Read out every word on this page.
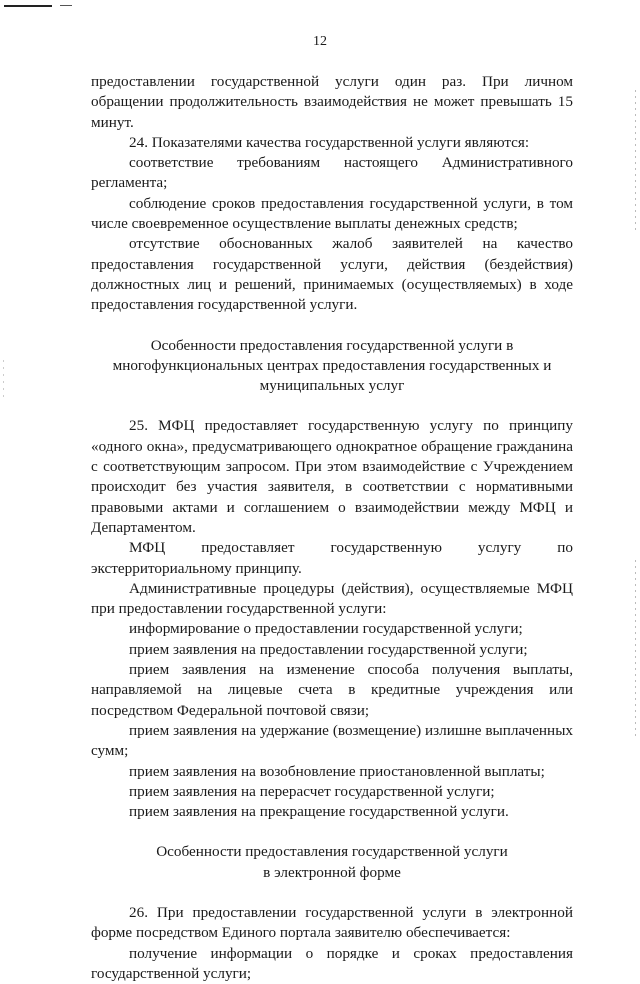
12

предоставлении государственной услуги один раз. При личном обращении продолжительность взаимодействия не может превышать 15 минут.

24. Показателями качества государственной услуги являются:

соответствие требованиям настоящего Административного регламента;

соблюдение сроков предоставления государственной услуги, в том числе своевременное осуществление выплаты денежных средств;

отсутствие обоснованных жалоб заявителей на качество предоставления государственной услуги, действия (бездействия) должностных лиц и решений, принимаемых (осуществляемых) в ходе предоставления государственной услуги.

Особенности предоставления государственной услуги в
многофункциональных центрах предоставления государственных и
муниципальных услуг

25. МФЦ предоставляет государственную услугу по принципу «одного окна», предусматривающего однократное обращение гражданина с соответствующим запросом. При этом взаимодействие с Учреждением происходит без участия заявителя, в соответствии с нормативными правовыми актами и соглашением о взаимодействии между МФЦ и Департаментом.

МФЦ предоставляет государственную услугу по экстерриториальному принципу.

Административные процедуры (действия), осуществляемые МФЦ при предоставлении государственной услуги:

информирование о предоставлении государственной услуги;

прием заявления на предоставлении государственной услуги;

прием заявления на изменение способа получения выплаты, направляемой на лицевые счета в кредитные учреждения или посредством Федеральной почтовой связи;

прием заявления на удержание (возмещение) излишне выплаченных сумм;

прием заявления на возобновление приостановленной выплаты;

прием заявления на перерасчет государственной услуги;

прием заявления на прекращение государственной услуги.

Особенности предоставления государственной услуги
в электронной форме

26. При предоставлении государственной услуги в электронной форме посредством Единого портала заявителю обеспечивается:

получение информации о порядке и сроках предоставления государственной услуги;
